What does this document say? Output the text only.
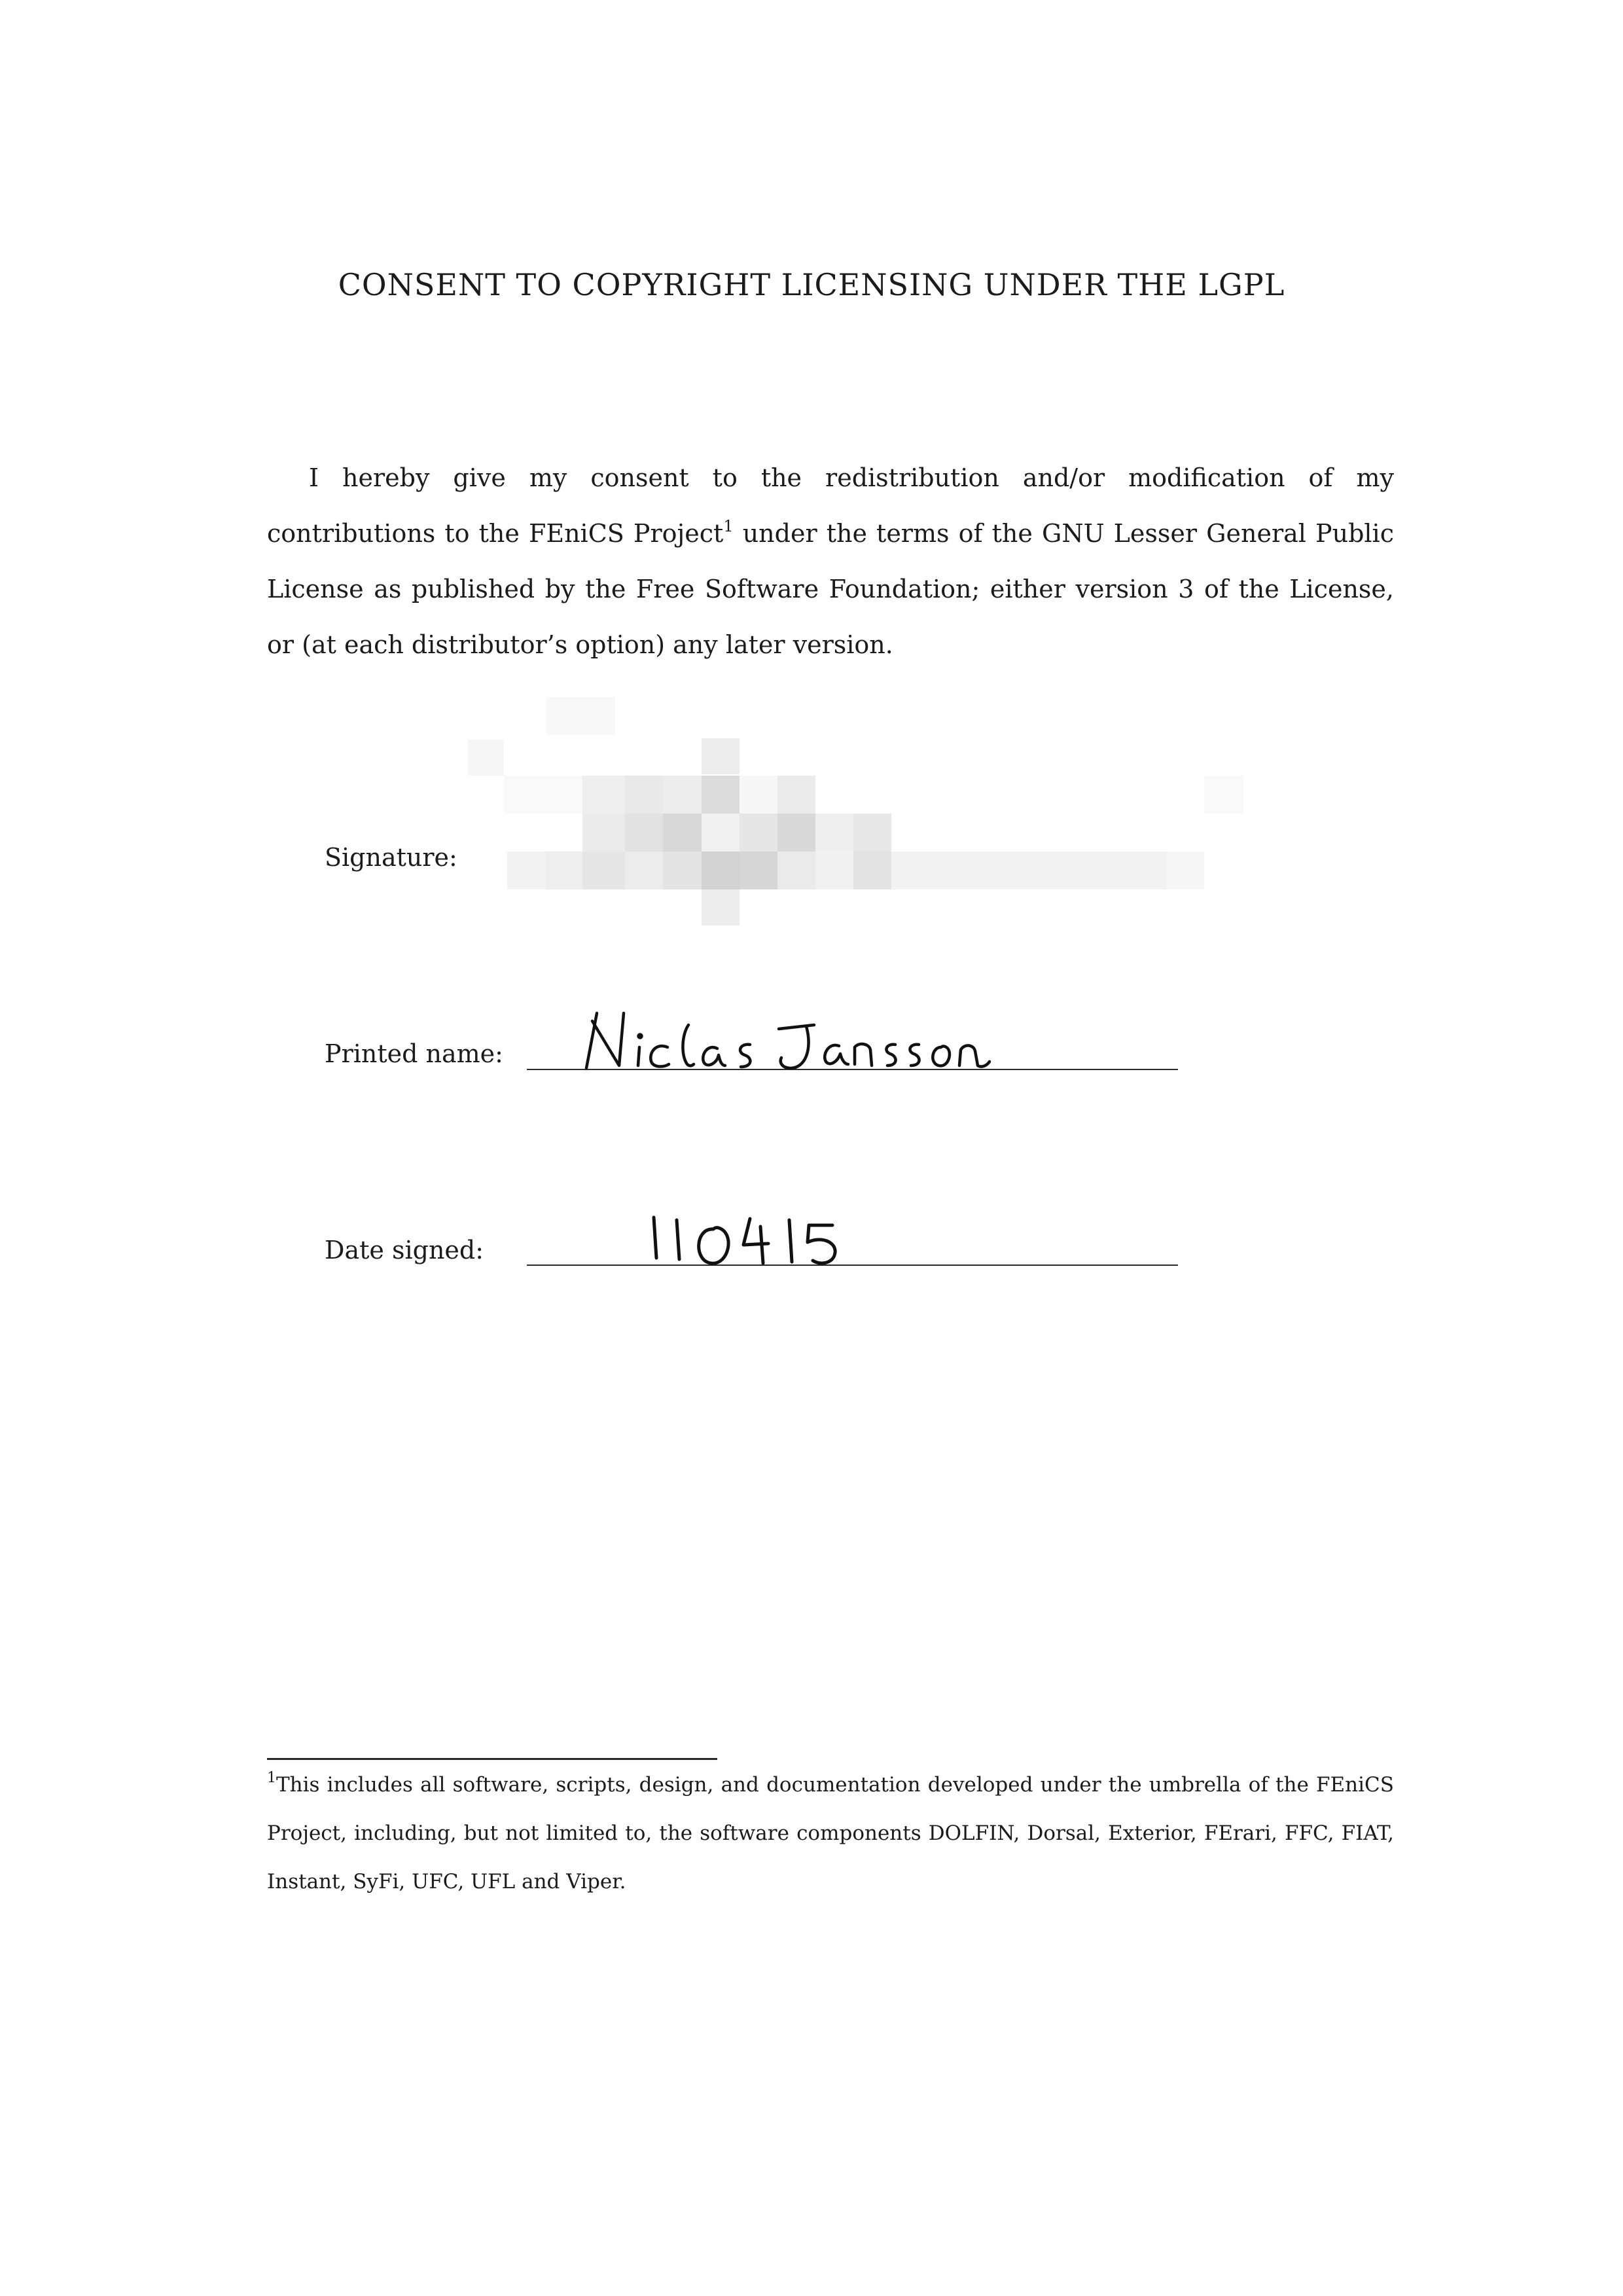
CONSENT TO COPYRIGHT LICENSING UNDER THE LGPL

I hereby give my consent to the redistribution and/or modification of my contributions to the FEniCS Project$^1$ under the terms of the GNU Lesser General Public License as published by the Free Software Foundation; either version 3 of the License, or (at each distributor’s option) any later version.

Signature:
Printed name:
Date signed:

$^1$This includes all software, scripts, design, and documentation developed under the umbrella of the FEniCS Project, including, but not limited to, the software components DOLFIN, Dorsal, Exterior, FErari, FFC, FIAT, Instant, SyFi, UFC, UFL and Viper.
